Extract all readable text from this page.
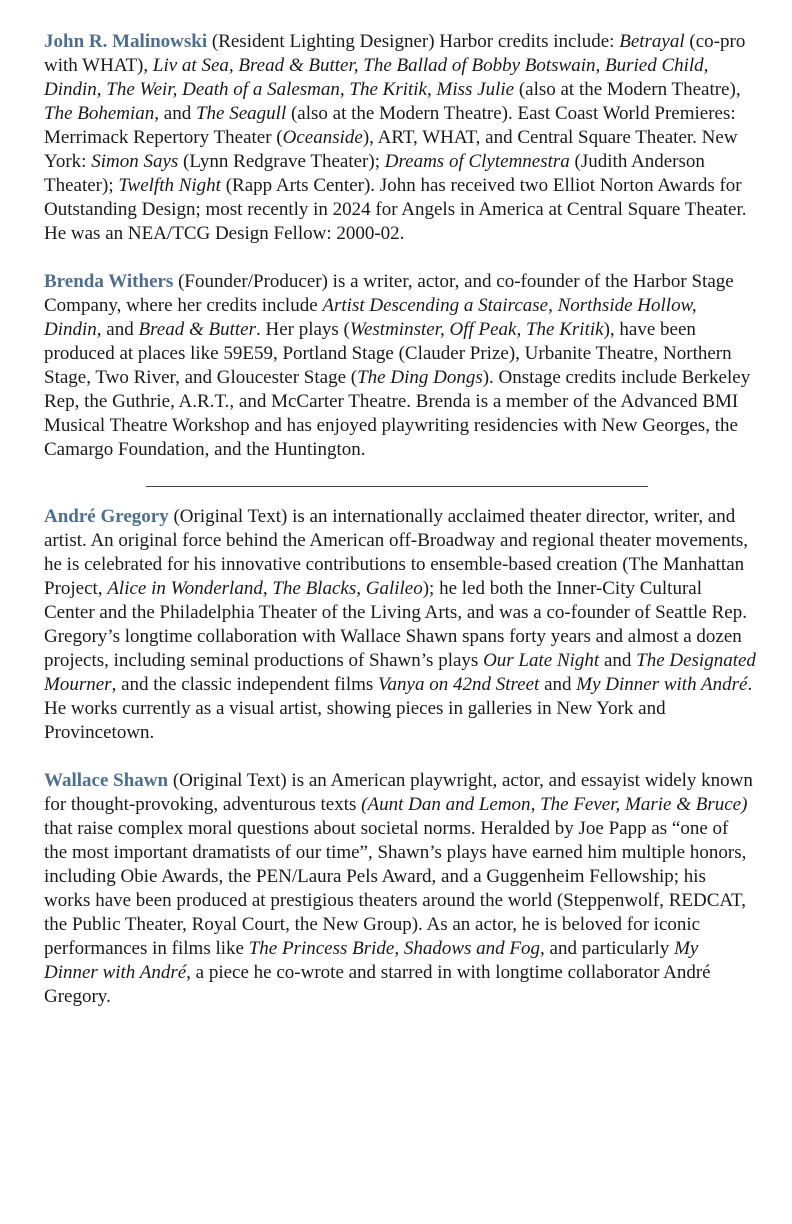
John R. Malinowski (Resident Lighting Designer) Harbor credits include: Betrayal (co-pro with WHAT), Liv at Sea, Bread & Butter, The Ballad of Bobby Botswain, Buried Child, Dindin, The Weir, Death of a Salesman, The Kritik, Miss Julie (also at the Modern Theatre), The Bohemian, and The Seagull (also at the Modern Theatre). East Coast World Premieres: Merrimack Repertory Theater (Oceanside), ART, WHAT, and Central Square Theater. New York: Simon Says (Lynn Redgrave Theater); Dreams of Clytemnestra (Judith Anderson Theater); Twelfth Night (Rapp Arts Center). John has received two Elliot Norton Awards for Outstanding Design; most recently in 2024 for Angels in America at Central Square Theater. He was an NEA/TCG Design Fellow: 2000-02.

Brenda Withers (Founder/Producer) is a writer, actor, and co-founder of the Harbor Stage Company, where her credits include Artist Descending a Staircase, Northside Hollow, Dindin, and Bread & Butter. Her plays (Westminster, Off Peak, The Kritik), have been produced at places like 59E59, Portland Stage (Clauder Prize), Urbanite Theatre, Northern Stage, Two River, and Gloucester Stage (The Ding Dongs). Onstage credits include Berkeley Rep, the Guthrie, A.R.T., and McCarter Theatre. Brenda is a member of the Advanced BMI Musical Theatre Workshop and has enjoyed playwriting residencies with New Georges, the Camargo Foundation, and the Huntington.

André Gregory (Original Text) is an internationally acclaimed theater director, writer, and artist. An original force behind the American off-Broadway and regional theater movements, he is celebrated for his innovative contributions to ensemble-based creation (The Manhattan Project, Alice in Wonderland, The Blacks, Galileo); he led both the Inner-City Cultural Center and the Philadelphia Theater of the Living Arts, and was a co-founder of Seattle Rep. Gregory’s longtime collaboration with Wallace Shawn spans forty years and almost a dozen projects, including seminal productions of Shawn’s plays Our Late Night and The Designated Mourner, and the classic independent films Vanya on 42nd Street and My Dinner with André. He works currently as a visual artist, showing pieces in galleries in New York and Provincetown.

Wallace Shawn (Original Text) is an American playwright, actor, and essayist widely known for thought-provoking, adventurous texts (Aunt Dan and Lemon, The Fever, Marie & Bruce) that raise complex moral questions about societal norms. Heralded by Joe Papp as “one of the most important dramatists of our time”, Shawn’s plays have earned him multiple honors, including Obie Awards, the PEN/Laura Pels Award, and a Guggenheim Fellowship; his works have been produced at prestigious theaters around the world (Steppenwolf, REDCAT, the Public Theater, Royal Court, the New Group). As an actor, he is beloved for iconic performances in films like The Princess Bride, Shadows and Fog, and particularly My Dinner with André, a piece he co-wrote and starred in with longtime collaborator André Gregory.
